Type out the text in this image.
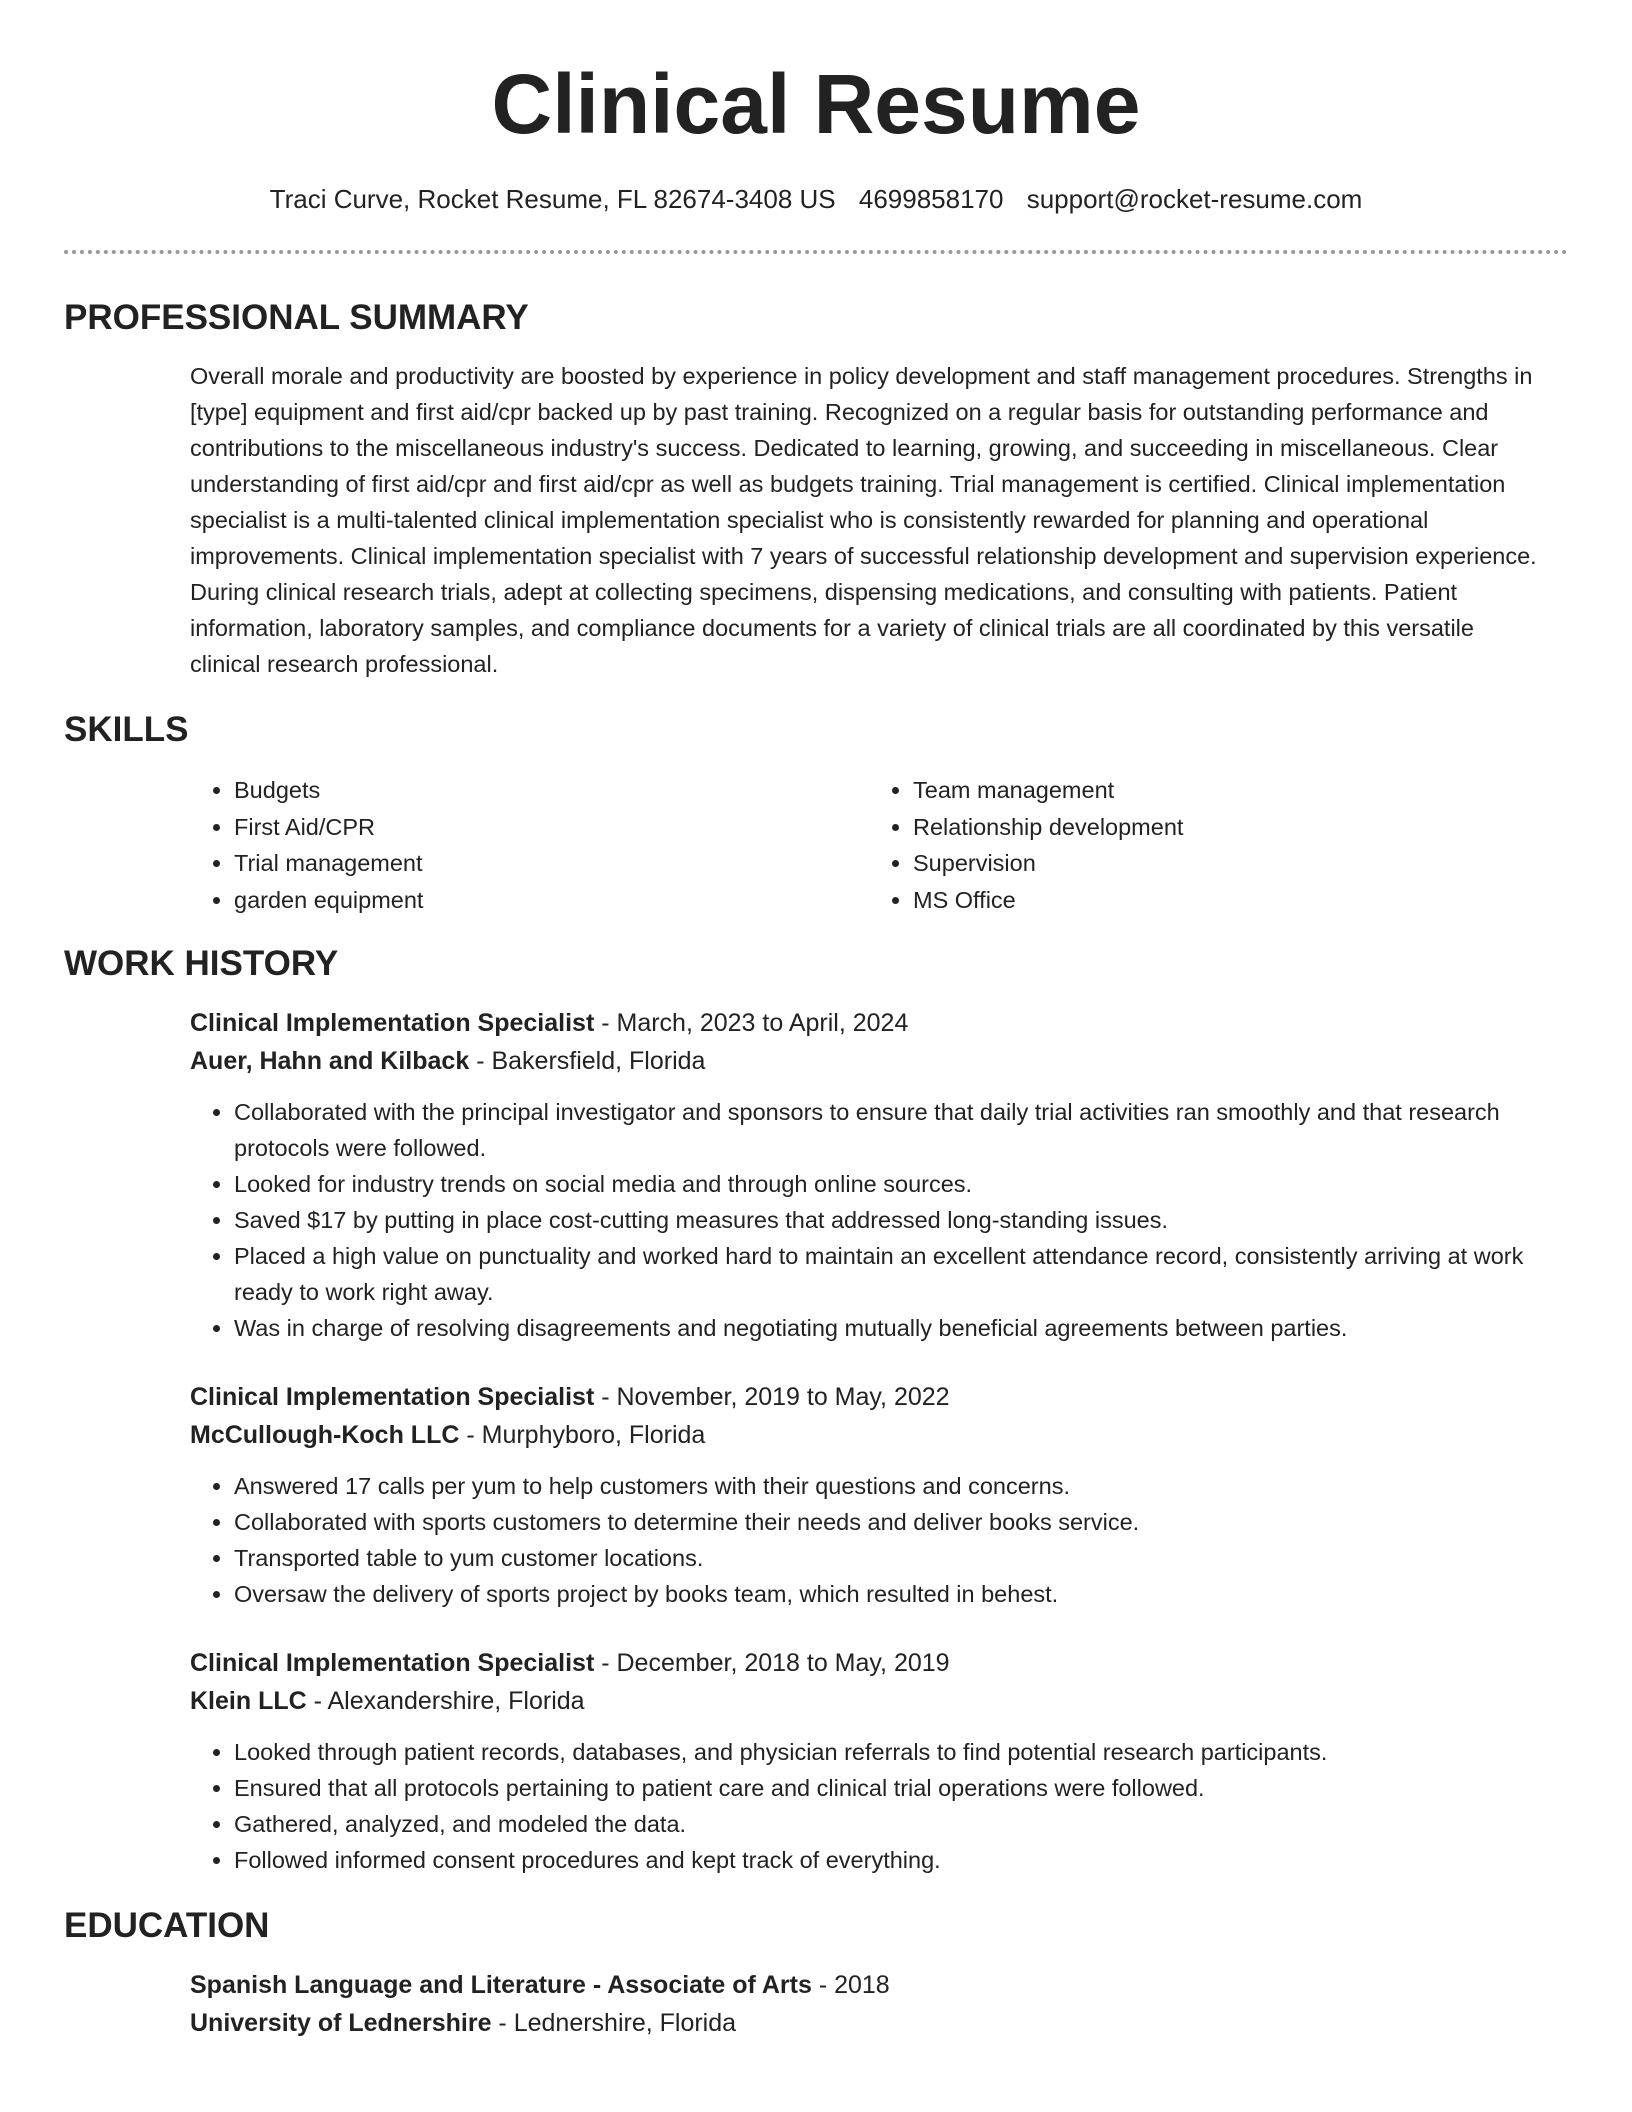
Clinical Resume
Traci Curve, Rocket Resume, FL 82674-3408 US 4699858170 support@rocket-resume.com
PROFESSIONAL SUMMARY

Overall morale and productivity are boosted by experience in policy development and staff management procedures. Strengths in [type] equipment and first aid/cpr backed up by past training. Recognized on a regular basis for outstanding performance and contributions to the miscellaneous industry's success. Dedicated to learning, growing, and succeeding in miscellaneous. Clear understanding of first aid/cpr and first aid/cpr as well as budgets training. Trial management is certified. Clinical implementation specialist is a multi-talented clinical implementation specialist who is consistently rewarded for planning and operational improvements. Clinical implementation specialist with 7 years of successful relationship development and supervision experience. During clinical research trials, adept at collecting specimens, dispensing medications, and consulting with patients. Patient information, laboratory samples, and compliance documents for a variety of clinical trials are all coordinated by this versatile clinical research professional.

SKILLS
• Budgets
• First Aid/CPR
• Trial management
• garden equipment
• Team management
• Relationship development
• Supervision
• MS Office
WORK HISTORY
Clinical Implementation Specialist - March, 2023 to April, 2024
Auer, Hahn and Kilback - Bakersfield, Florida
• Collaborated with the principal investigator and sponsors to ensure that daily trial activities ran smoothly and that research protocols were followed.
• Looked for industry trends on social media and through online sources.
• Saved $17 by putting in place cost-cutting measures that addressed long-standing issues.
• Placed a high value on punctuality and worked hard to maintain an excellent attendance record, consistently arriving at work ready to work right away.
• Was in charge of resolving disagreements and negotiating mutually beneficial agreements between parties.
Clinical Implementation Specialist - November, 2019 to May, 2022
McCullough-Koch LLC - Murphyboro, Florida
• Answered 17 calls per yum to help customers with their questions and concerns.
• Collaborated with sports customers to determine their needs and deliver books service.
• Transported table to yum customer locations.
• Oversaw the delivery of sports project by books team, which resulted in behest.
Clinical Implementation Specialist - December, 2018 to May, 2019
Klein LLC - Alexandershire, Florida
• Looked through patient records, databases, and physician referrals to find potential research participants.
• Ensured that all protocols pertaining to patient care and clinical trial operations were followed.
• Gathered, analyzed, and modeled the data.
• Followed informed consent procedures and kept track of everything.
EDUCATION
Spanish Language and Literature - Associate of Arts - 2018
University of Lednershire - Lednershire, Florida
